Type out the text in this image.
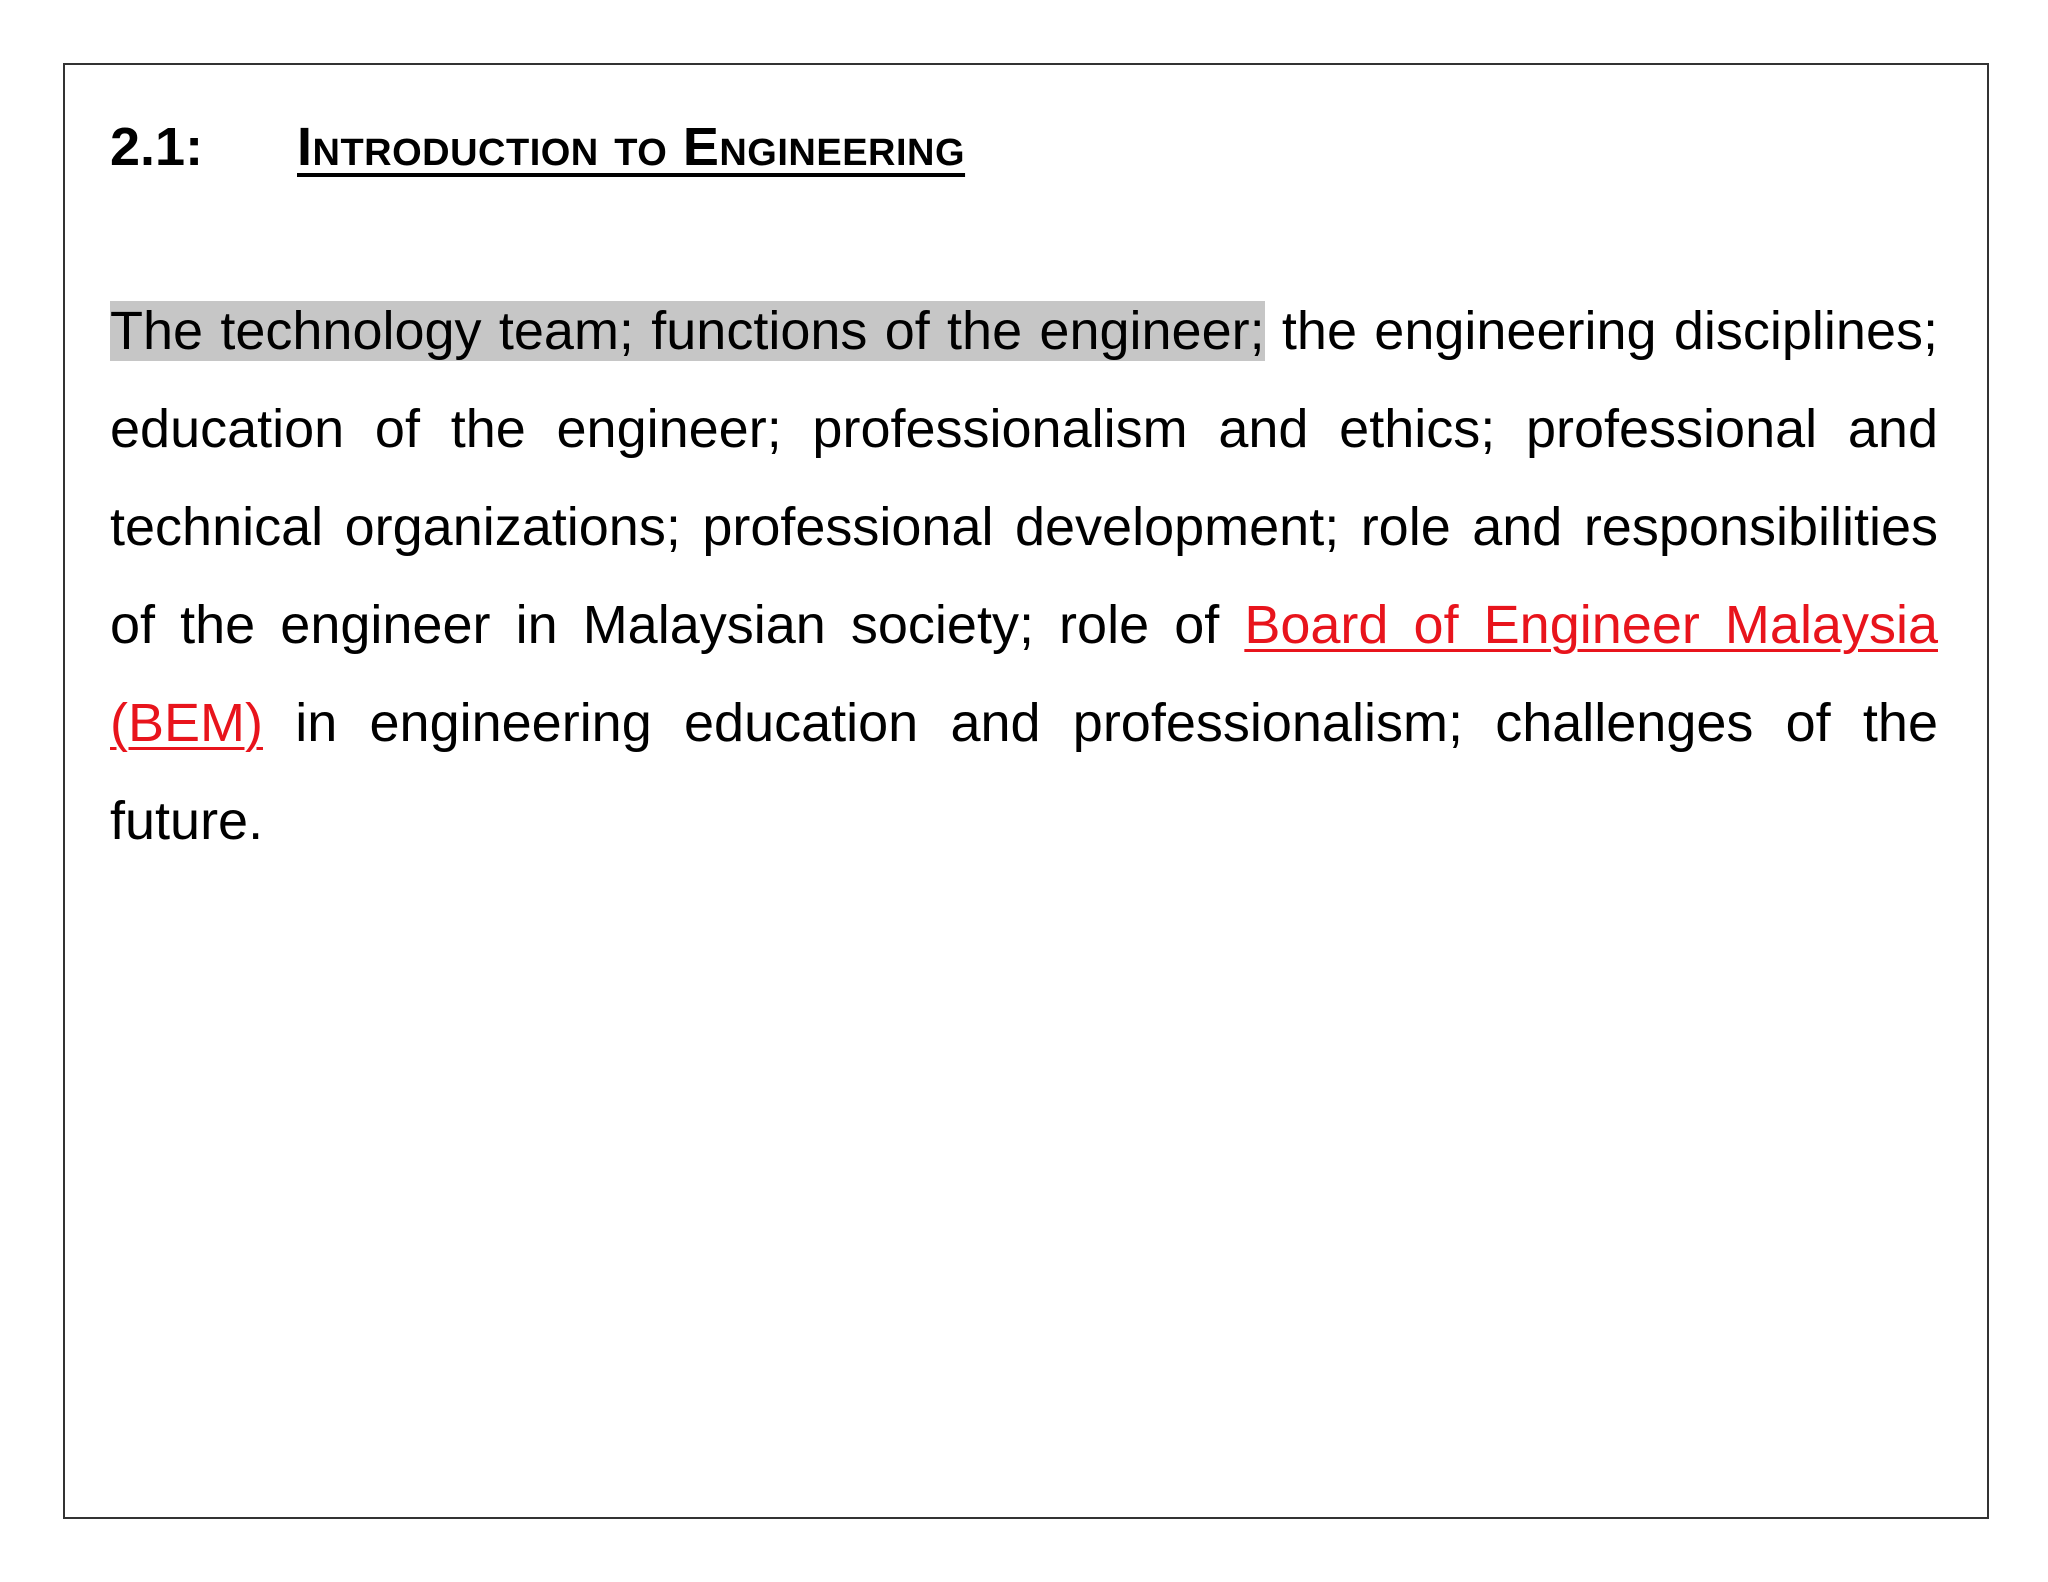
2.1:	Introduction to Engineering

The technology team; functions of the engineer; the engineering disciplines; education of the engineer; professionalism and ethics; professional and technical organizations; professional development; role and responsibilities of the engineer in Malaysian society; role of Board of Engineer Malaysia (BEM) in engineering education and professionalism; challenges of the future.
